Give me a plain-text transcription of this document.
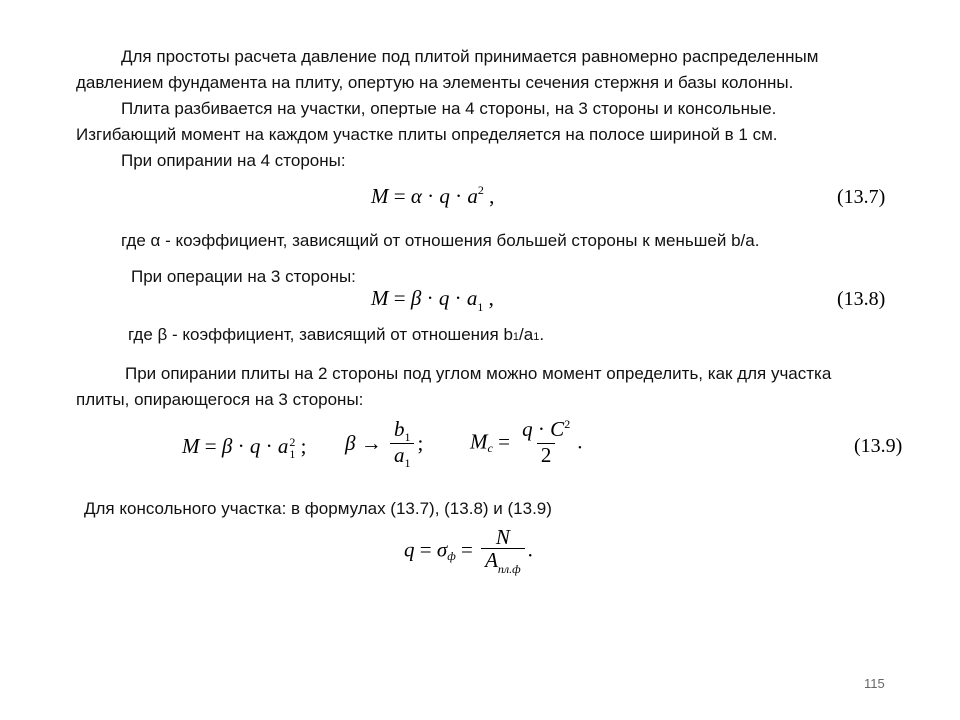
Для простоты расчета давление под плитой принимается равномерно распределенным
давлением фундамента на плиту, опертую на элементы сечения стержня и базы колонны.
Плита разбивается на участки, опертые на 4 стороны, на 3 стороны и консольные.
Изгибающий момент на каждом участке плиты определяется на полосе шириной в 1 см.
При опирании на 4 стороны:
$M = \alpha \cdot q \cdot a^2$ ,	(13.7)
где α - коэффициент, зависящий от отношения большей стороны к меньшей b/a.
При операции на 3 стороны:
$M = \beta \cdot q \cdot a_1$ ,	(13.8)
где β - коэффициент, зависящий от отношения b1/a1.
При опирании плиты на 2 стороны под углом можно момент определить, как для участка
плиты, опирающегося на 3 стороны:
M = β · q · a 2
1 ; $\beta \to \frac{b_1}{a_1}$ ; $M_c = \frac{q \cdot C^2}{2}$ .	(13.9)
Для консольного участка: в формулах (13.7), (13.8) и (13.9)
$q = \sigma_ф = \frac{N}{A_{пл.ф}}$ .
115
